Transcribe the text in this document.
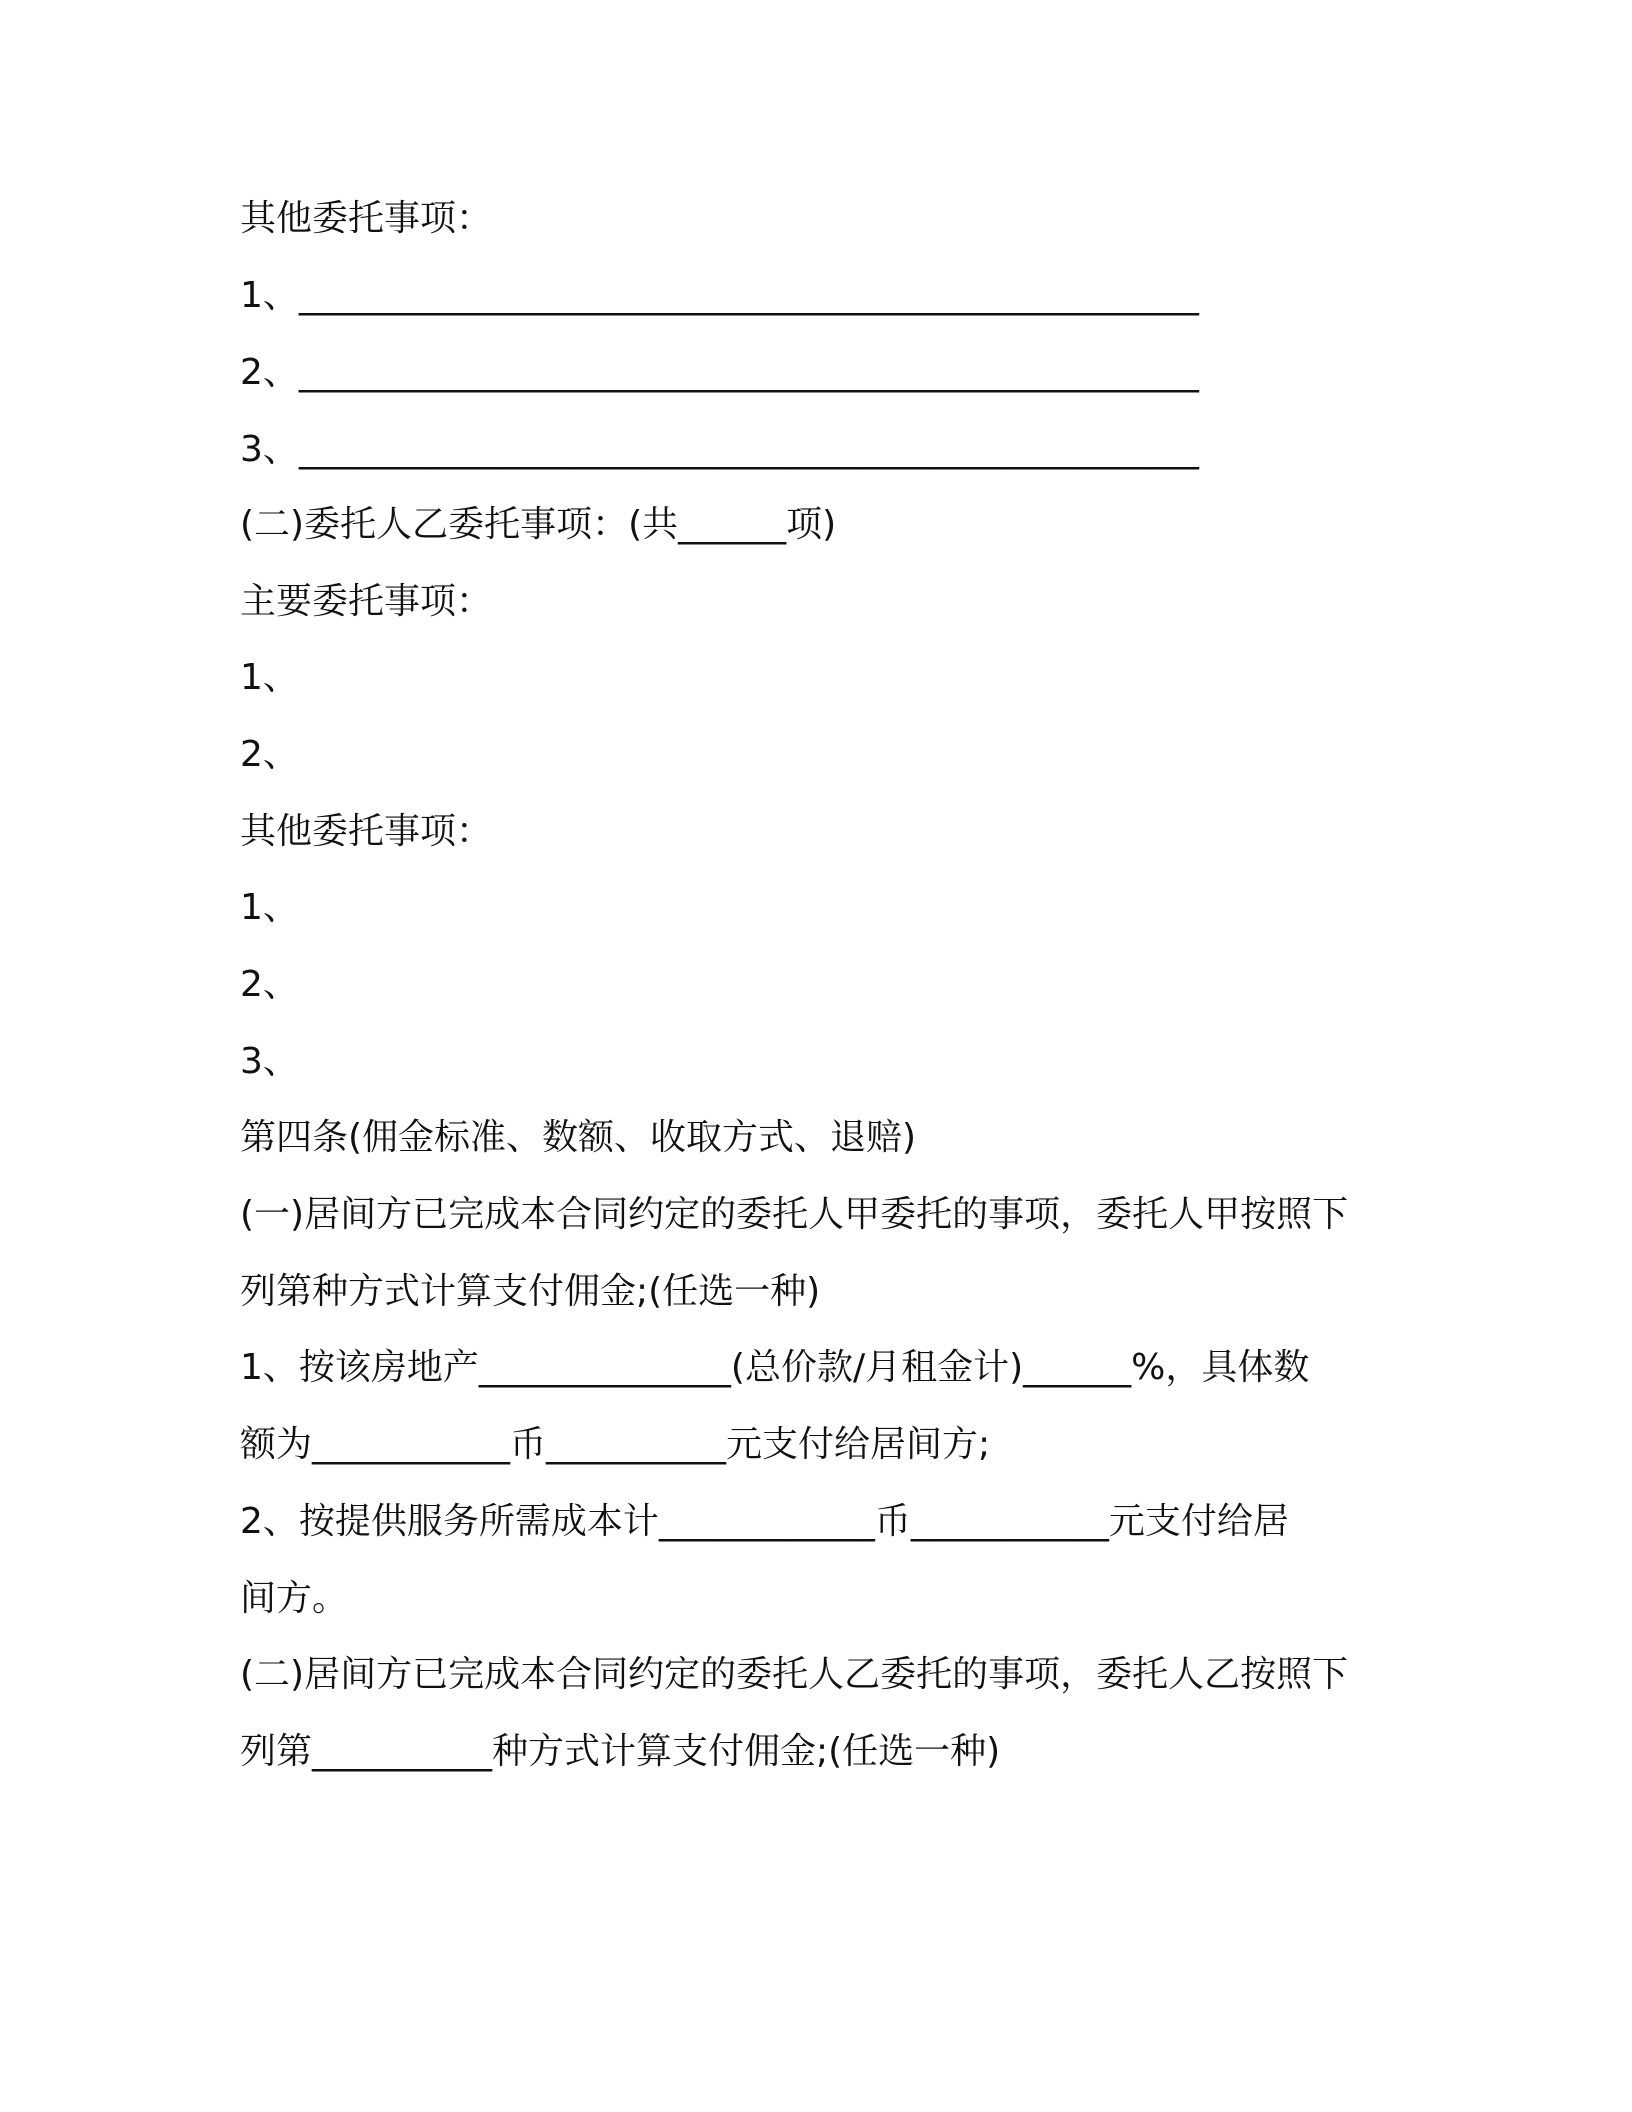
其他委托事项：

1、__________________________________________________

2、__________________________________________________

3、__________________________________________________

(二)委托人乙委托事项：(共______项)

主要委托事项：

1、

2、

其他委托事项：

1、

2、

3、

第四条(佣金标准、数额、收取方式、退赔)

(一)居间方已完成本合同约定的委托人甲委托的事项，委托人甲按照下

列第种方式计算支付佣金;(任选一种)

1、按该房地产______________(总价款/月租金计)______%，具体数

额为___________币__________元支付给居间方;

2、按提供服务所需成本计____________币___________元支付给居

间方。

(二)居间方已完成本合同约定的委托人乙委托的事项，委托人乙按照下

列第__________种方式计算支付佣金;(任选一种)
